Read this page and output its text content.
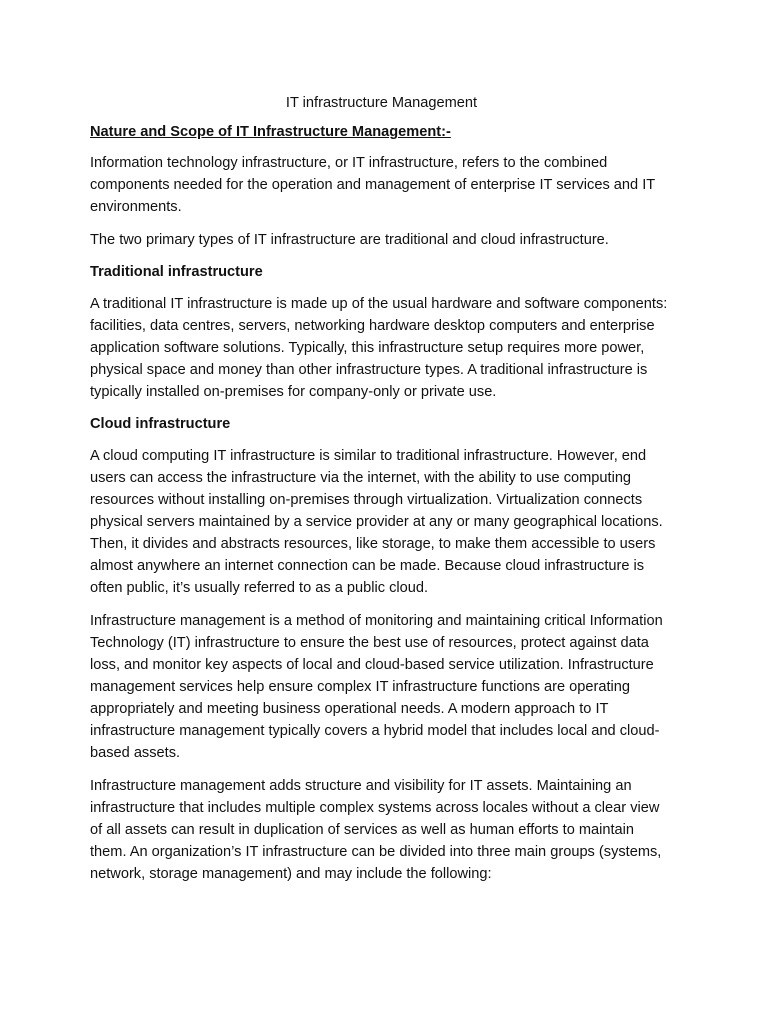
IT infrastructure Management

Nature and Scope of IT Infrastructure Management:-

Information technology infrastructure, or IT infrastructure, refers to the combined components needed for the operation and management of enterprise IT services and IT environments.

The two primary types of IT infrastructure are traditional and cloud infrastructure.

Traditional infrastructure

A traditional IT infrastructure is made up of the usual hardware and software components: facilities, data centres, servers, networking hardware desktop computers and enterprise application software solutions. Typically, this infrastructure setup requires more power, physical space and money than other infrastructure types. A traditional infrastructure is typically installed on-premises for company-only or private use.

Cloud infrastructure

A cloud computing IT infrastructure is similar to traditional infrastructure. However, end users can access the infrastructure via the internet, with the ability to use computing resources without installing on-premises through virtualization. Virtualization connects physical servers maintained by a service provider at any or many geographical locations. Then, it divides and abstracts resources, like storage, to make them accessible to users almost anywhere an internet connection can be made. Because cloud infrastructure is often public, it’s usually referred to as a public cloud.

Infrastructure management is a method of monitoring and maintaining critical Information Technology (IT) infrastructure to ensure the best use of resources, protect against data loss, and monitor key aspects of local and cloud-based service utilization. Infrastructure management services help ensure complex IT infrastructure functions are operating appropriately and meeting business operational needs. A modern approach to IT infrastructure management typically covers a hybrid model that includes local and cloud-based assets.

Infrastructure management adds structure and visibility for IT assets. Maintaining an infrastructure that includes multiple complex systems across locales without a clear view of all assets can result in duplication of services as well as human efforts to maintain them. An organization’s IT infrastructure can be divided into three main groups (systems, network, storage management) and may include the following:
